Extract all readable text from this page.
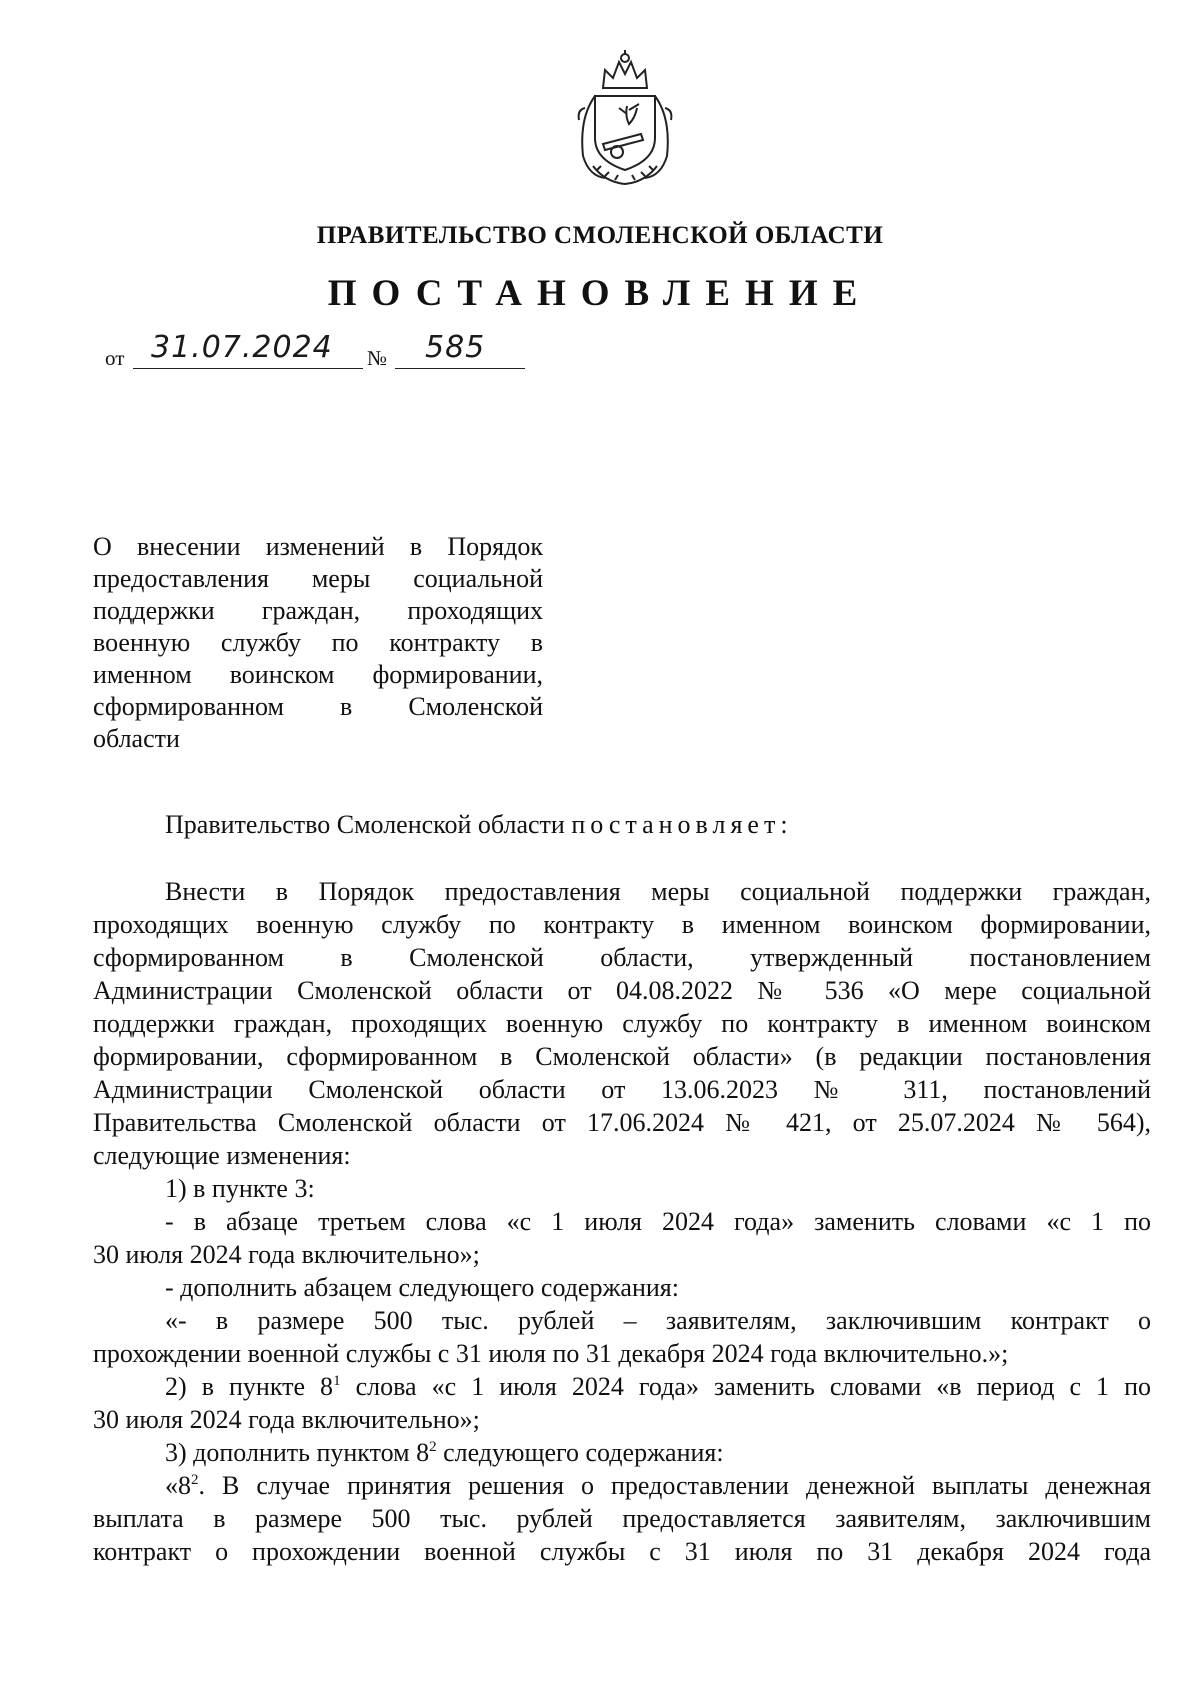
ПРАВИТЕЛЬСТВО СМОЛЕНСКОЙ ОБЛАСТИ
ПОСТАНОВЛЕНИЕ
от 31.07.2024 № 585
О внесении изменений в Порядок
предоставления меры социальной
поддержки граждан, проходящих
военную службу по контракту в
именном воинском формировании,
сформированном в Смоленской
области
Правительство Смоленской области постановляет:
Внести в Порядок предоставления меры социальной поддержки граждан,
проходящих военную службу по контракту в именном воинском формировании,
сформированном в Смоленской области, утвержденный постановлением
Администрации Смоленской области от 04.08.2022 № 536 «О мере социальной
поддержки граждан, проходящих военную службу по контракту в именном воинском
формировании, сформированном в Смоленской области» (в редакции постановления
Администрации Смоленской области от 13.06.2023 № 311, постановлений
Правительства Смоленской области от 17.06.2024 № 421, от 25.07.2024 № 564),
следующие изменения:
1) в пункте 3:
- в абзаце третьем слова «с 1 июля 2024 года» заменить словами «с 1 по
30 июля 2024 года включительно»;
- дополнить абзацем следующего содержания:
«- в размере 500 тыс. рублей – заявителям, заключившим контракт о
прохождении военной службы с 31 июля по 31 декабря 2024 года включительно.»;
2) в пункте $8^1$ слова «с 1 июля 2024 года» заменить словами «в период с 1 по
30 июля 2024 года включительно»;
3) дополнить пунктом $8^2$ следующего содержания:
«$8^2$. В случае принятия решения о предоставлении денежной выплаты денежная
выплата в размере 500 тыс. рублей предоставляется заявителям, заключившим
контракт о прохождении военной службы с 31 июля по 31 декабря 2024 года
